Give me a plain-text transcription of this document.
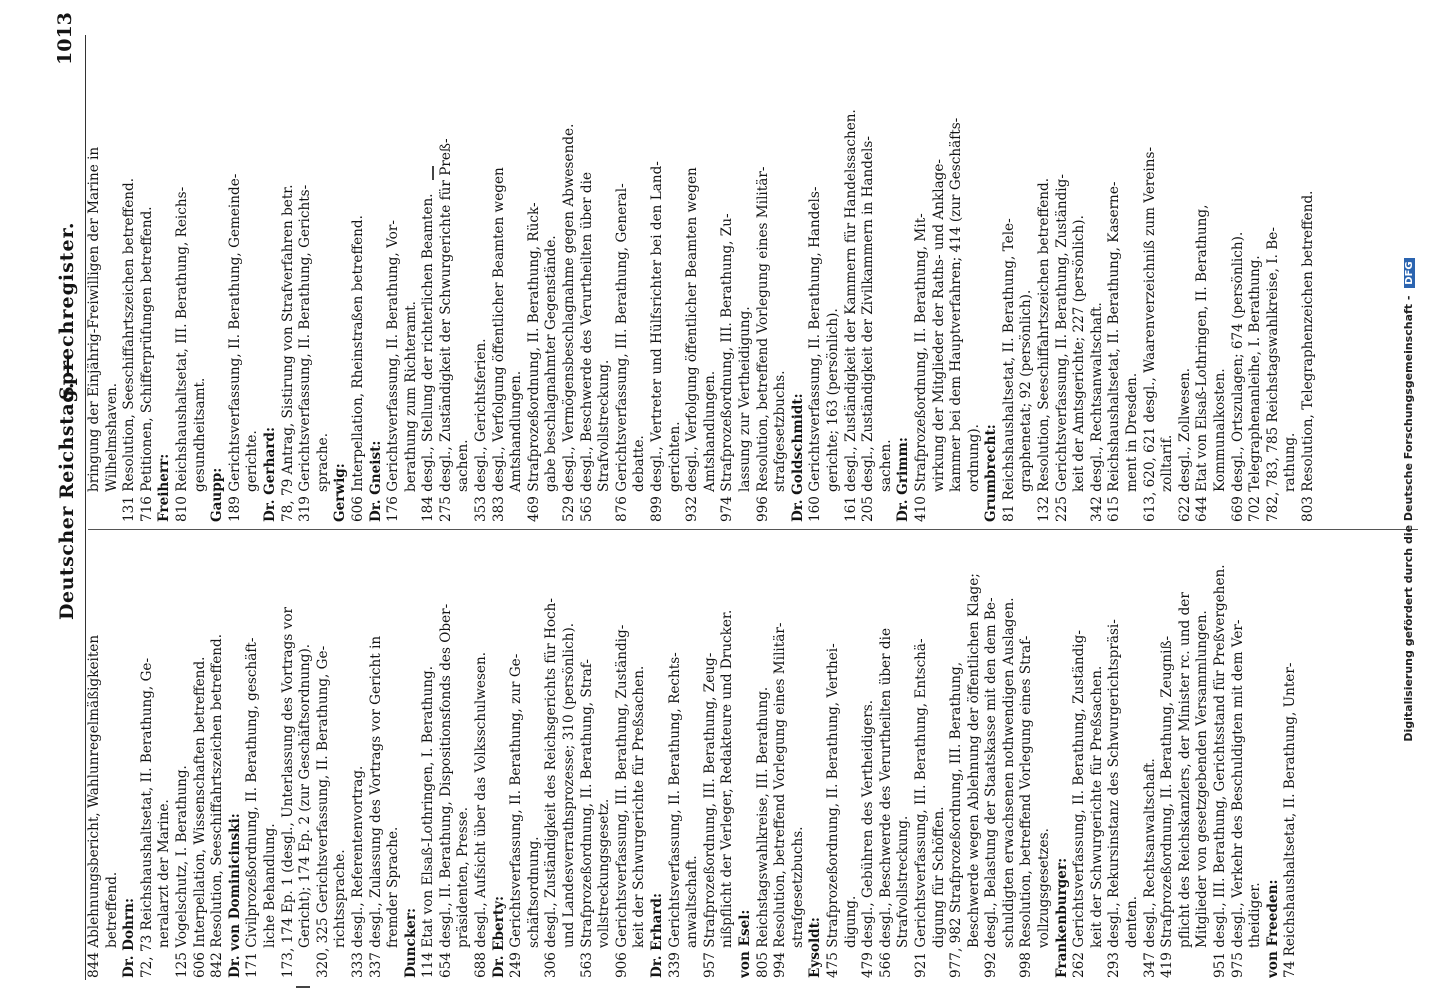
Deutscher Reichstag. —
Sprechregister.
1013
844 Ablehnungsbericht, Wahlunregelmäßigkeiten betreffend. Dr. Dohrn: 72, 73 Reichshaushaltsetat, II. Berathung, Ge- neralarzt der Marine. 125 Vogelschutz, I. Berathung. 606 Interpellation, Wissenschaften betreffend. 842 Resolution, Seeschiffahrtszeichen betreffend. Dr. von Dominicinski: 171 Civilprozeßordnung, II. Berathung, geschäft- liche Behandlung. 173, 174 Ep. 1 (desgl., Unterlassung des Vortrags vor Gericht); 174 Ep. 2 (zur Geschäftsordnung). 320, 325 Gerichtsverfassung, II. Berathung, Ge- richtssprache. 333 desgl., Referentenvortrag. 337 desgl., Zulassung des Vortrags vor Gericht in fremder Sprache. Duncker: 114 Etat von Elsaß-Lothringen, I. Berathung. 654 desgl., II. Berathung, Dispositionsfonds des Ober- präsidenten, Presse. 688 desgl., Aufsicht über das Volksschulwesen. Dr. Eberty: 249 Gerichtsverfassung, II. Berathung, zur Ge- schäftsordnung. 306 desgl., Zuständigkeit des Reichsgerichts für Hoch- und Landesverrathsprozesse; 310 (persönlich). 563 Strafprozeßordnung, II. Berathung, Straf- vollstreckungsgesetz. 906 Gerichtsverfassung, III. Berathung, Zuständig- keit der Schwurgerichte für Preßsachen. Dr. Erhard: 339 Gerichtsverfassung, II. Berathung, Rechts- anwaltschaft. 957 Strafprozeßordnung, III. Berathung, Zeug- nißpflicht der Verleger, Redakteure und Drucker. von Esel: 805 Reichstagswahlkreise, III. Berathung. 994 Resolution, betreffend Vorlegung eines Militär- strafgesetzbuchs. Eysoldt: 475 Strafprozeßordnung, II. Berathung, Verthei- digung. 479 desgl., Gebühren des Vertheidigers. 566 desgl., Beschwerde des Verurtheilten über die Strafvollstreckung. 921 Gerichtsverfassung, III. Berathung, Entschä- digung für Schöffen. 977, 982 Strafprozeßordnung, III. Berathung, Beschwerde wegen Ablehnung der öffentlichen Klage; 992 desgl., Belastung der Staatskasse mit den dem Be- schuldigten erwachsenen nothwendigen Auslagen. 998 Resolution, betreffend Vorlegung eines Straf- vollzugsgesetzes. Frankenburger: 262 Gerichtsverfassung, II. Berathung, Zuständig- keit der Schwurgerichte für Preßsachen. 293 desgl., Rekursinstanz des Schwurgerichtspräsi- denten. 347 desgl., Rechtsanwaltschaft. 419 Strafprozeßordnung, II. Berathung, Zeugniß- pflicht des Reichskanzlers, der Minister rc. und der Mitglieder von gesetzgebenden Versammlungen. 951 desgl., III. Berathung, Gerichtsstand für Preßvergehen. 975 desgl., Verkehr des Beschuldigten mit dem Ver- theidiger. von Freeden: 74 Reichshaushaltsetat, II. Berathung, Unter-
bringung der Einjährig-Freiwilligen der Marine in Wilhelmshaven. 131 Resolution, Seeschiffahrtszeichen betreffend. 716 Petitionen, Schifferprüfungen betreffend. Freiherr: 810 Reichshaushaltsetat, III. Berathung, Reichs- gesundheitsamt.
Gaupp: 189 Gerichtsverfassung, II. Berathung, Gemeinde- gerichte. Dr. Gerhard: 78, 79 Antrag, Sistirung von Strafverfahren betr. 319 Gerichtsverfassung, II. Berathung, Gerichts- sprache.
Gerwig: 606 Interpellation, Rheinstraßen betreffend. Dr. Gneist: 176 Gerichtsverfassung, II. Berathung, Vor- berathung zum Richteramt. 184 desgl., Stellung der richterlichen Beamten. 275 desgl., Zuständigkeit der Schwurgerichte für Preß- sachen. 353 desgl., Gerichtsferien. 383 desgl., Verfolgung öffentlicher Beamten wegen Amtshandlungen. 469 Strafprozeßordnung, II. Berathung, Rück- gabe beschlagnahmter Gegenstände. 529 desgl., Vermögensbeschlagnahme gegen Abwesende. 565 desgl., Beschwerde des Verurtheilten über die Strafvollstreckung. 876 Gerichtsverfassung, III. Berathung, General- debatte. 899 desgl., Vertreter und Hülfsrichter bei den Land- gerichten. 932 desgl., Verfolgung öffentlicher Beamten wegen Amtshandlungen. 974 Strafprozeßordnung, III. Berathung, Zu- lassung zur Vertheidigung. 996 Resolution, betreffend Vorlegung eines Militär- strafgesetzbuchs. Dr. Goldschmidt: 160 Gerichtsverfassung, II. Berathung, Handels- gerichte; 163 (persönlich). 161 desgl., Zuständigkeit der Kammern für Handelssachen. 205 desgl., Zuständigkeit der Zivilkammern in Handels- sachen. Dr. Grimm: 410 Strafprozeßordnung, II. Berathung, Mit- wirkung der Mitglieder der Raths- und Anklage- kammer bei dem Hauptverfahren; 414 (zur Geschäfts- ordnung). Grumbrecht: 81 Reichshaushaltsetat, II. Berathung, Tele- graphenetat; 92 (persönlich). 132 Resolution, Seeschiffahrtszeichen betreffend. 225 Gerichtsverfassung, II. Berathung, Zuständig- keit der Amtsgerichte; 227 (persönlich). 342 desgl., Rechtsanwaltschaft. 615 Reichshaushaltsetat, II. Berathung, Kaserne- ment in Dresden. 613, 620, 621 desgl., Waarenverzeichniß zum Vereins- zolltarif. 622 desgl., Zollwesen. 644 Etat von Elsaß-Lothringen, II. Berathung, Kommunalkosten. 669 desgl., Ortszulagen; 674 (persönlich). 702 Telegraphenanleihe, I. Berathung. 782, 783, 785 Reichstagswahlkreise, I. Be- rathung. 803 Resolution, Telegraphenzeichen betreffend.	Digitalisierung gefördert durch die Deutsche Forschungsgemeinschaft - DFG
